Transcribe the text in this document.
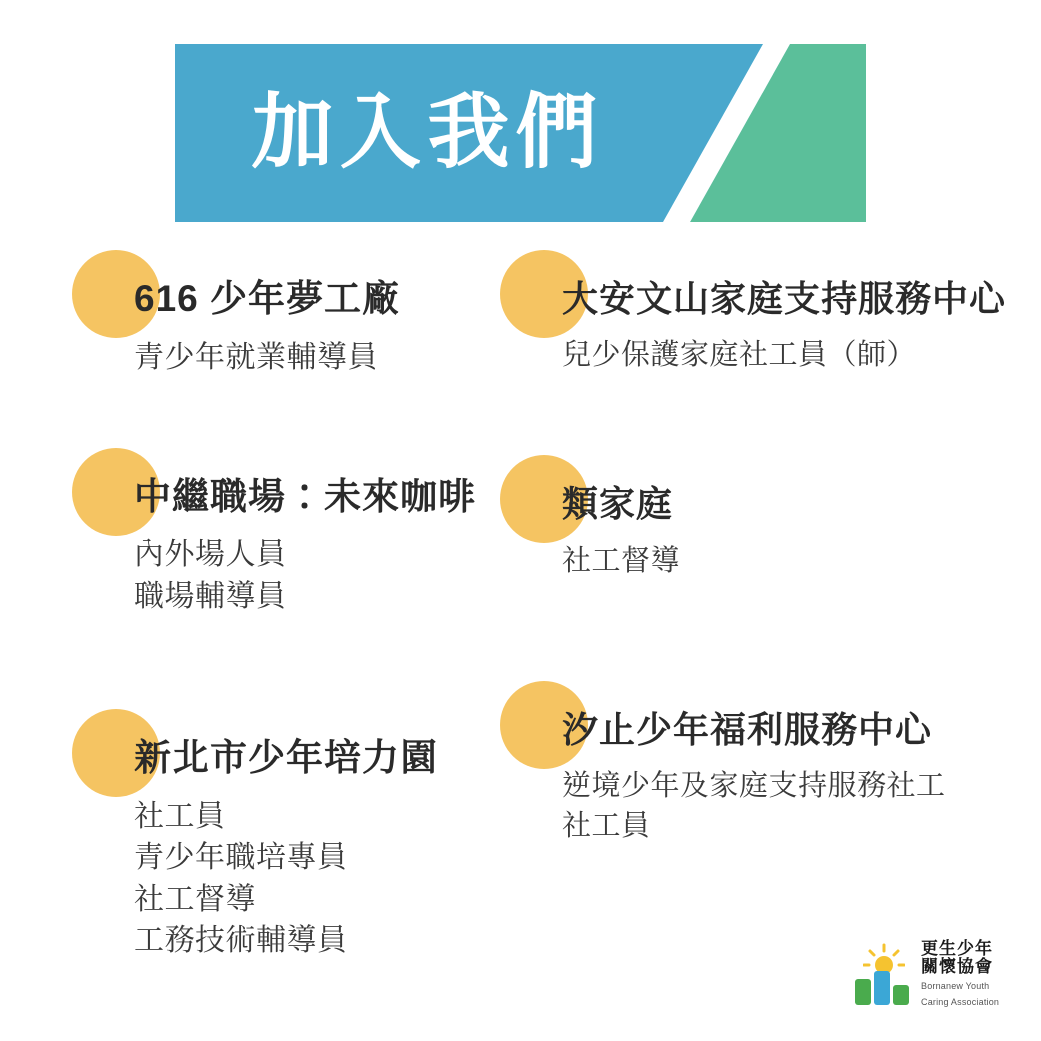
加入我們
616 少年夢工廠
青少年就業輔導員
中繼職場：未來咖啡
內外場人員
職場輔導員
新北市少年培力園
社工員
青少年職培專員
社工督導
工務技術輔導員
大安文山家庭支持服務中心
兒少保護家庭社工員（師）
類家庭
社工督導
汐止少年福利服務中心
逆境少年及家庭支持服務社工
社工員
更生少年
關懷協會
Bornanew Youth
Caring Association
